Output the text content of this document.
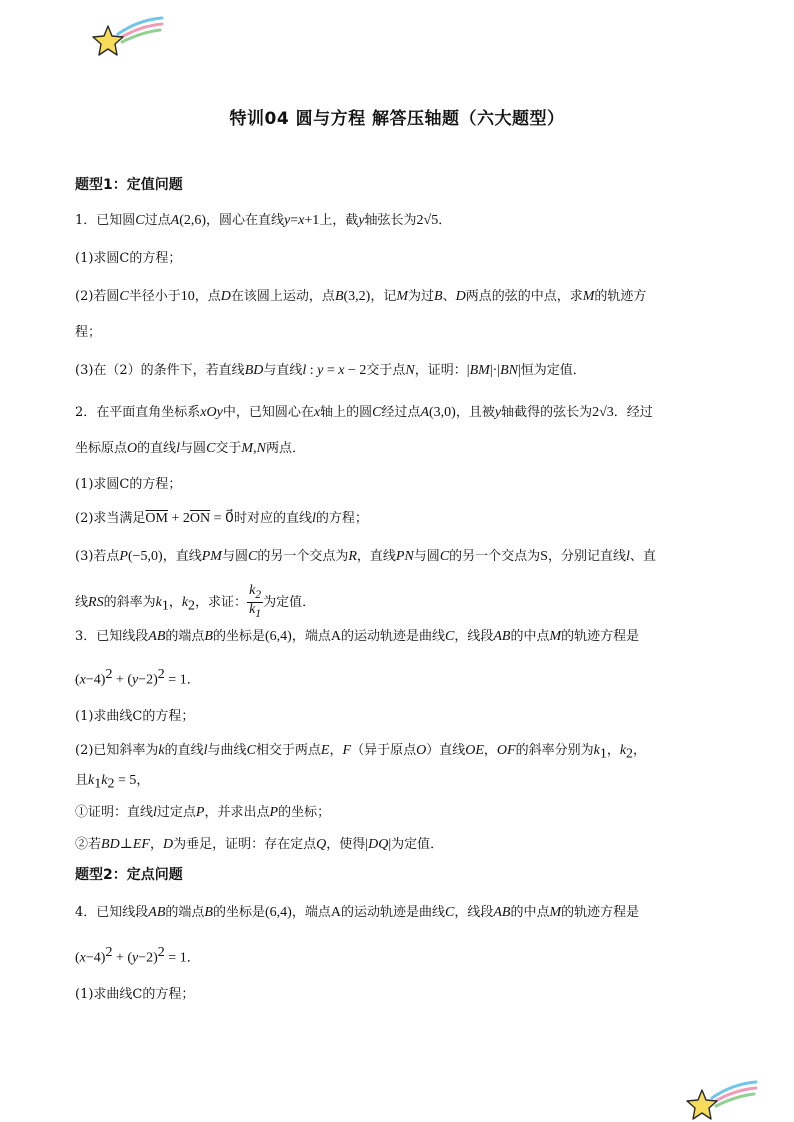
特训04 圆与方程 解答压轴题（六大题型）
题型1：定值问题
1．已知圆C过点A(2,6)，圆心在直线y=x+1上，截y轴弦长为2√5．
(1)求圆C的方程；
(2)若圆C半径小于10，点D在该圆上运动，点B(3,2)，记M为过B、D两点的弦的中点，求M的轨迹方
程；
(3)在（2）的条件下，若直线BD与直线l : y = x − 2交于点N，证明：|BM|·|BN|恒为定值．
2．在平面直角坐标系xOy中，已知圆心在x轴上的圆C经过点A(3,0)，且被y轴截得的弦长为2√3．经过
坐标原点O的直线l与圆C交于M,N两点．
(1)求圆C的方程；
(2)求当满足$\overline{OM} + 2\overline{ON}$ = 0⃗时对应的直线l的方程；
(3)若点P(−5,0)，直线PM与圆C的另一个交点为R，直线PN与圆C的另一个交点为S，分别记直线l、直
线RS的斜率为$k_1$，$k_2$，求证： $\frac{k_2}{k_1}$ 为定值．
3．已知线段AB的端点B的坐标是(6,4)，端点A的运动轨迹是曲线C，线段AB的中点M的轨迹方程是
$(x-4)^2 + (y-2)^2 = 1$．
(1)求曲线C的方程；
(2)已知斜率为k的直线l与曲线C相交于两点E，F（异于原点O）直线OE，OF的斜率分别为$k_1$，$k_2$，
且$k_1k_2 = 5$，
①证明：直线l过定点P，并求出点P的坐标；
②若BD⊥EF，D为垂足，证明：存在定点Q，使得|DQ|为定值．
题型2：定点问题
4．已知线段AB的端点B的坐标是(6,4)，端点A的运动轨迹是曲线C，线段AB的中点M的轨迹方程是
$(x-4)^2 + (y-2)^2 = 1$．
(1)求曲线C的方程；
